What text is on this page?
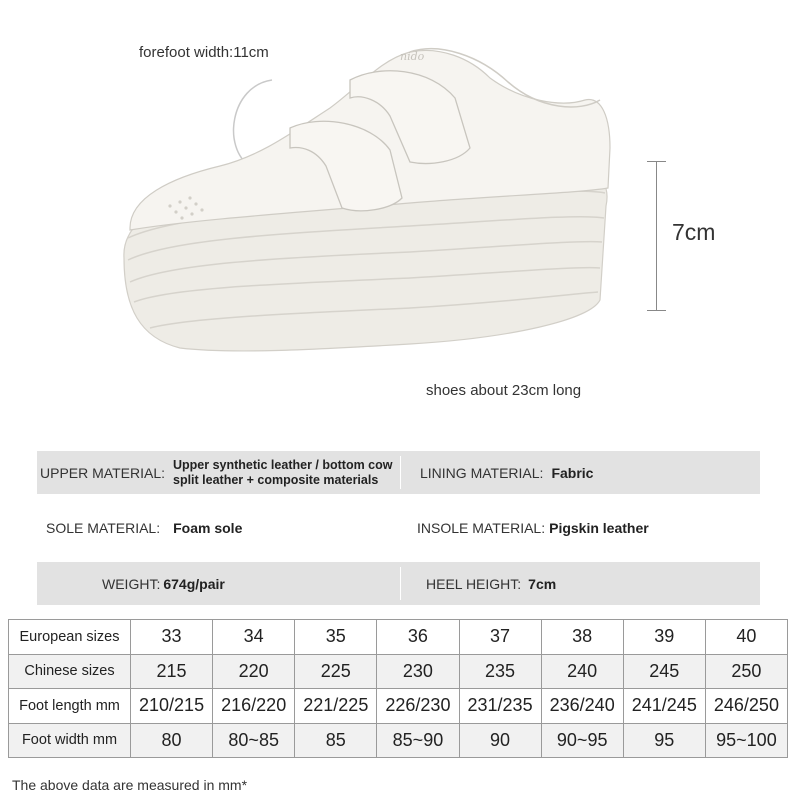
forefoot width:11cm
7cm
shoes about 23cm long
nido
UPPER MATERIAL: Upper synthetic leather / bottom cow split leather + composite materials	LINING MATERIAL: Fabric
SOLE MATERIAL: Foam sole	INSOLE MATERIAL: Pigskin leather
WEIGHT: 674g/pair	HEEL HEIGHT: 7cm
European sizes	33	34	35	36	37	38	39	40
Chinese sizes	215	220	225	230	235	240	245	250
Foot length mm	210/215	216/220	221/225	226/230	231/235	236/240	241/245	246/250
Foot width mm	80	80~85	85	85~90	90	90~95	95	95~100
The above data are measured in mm*
